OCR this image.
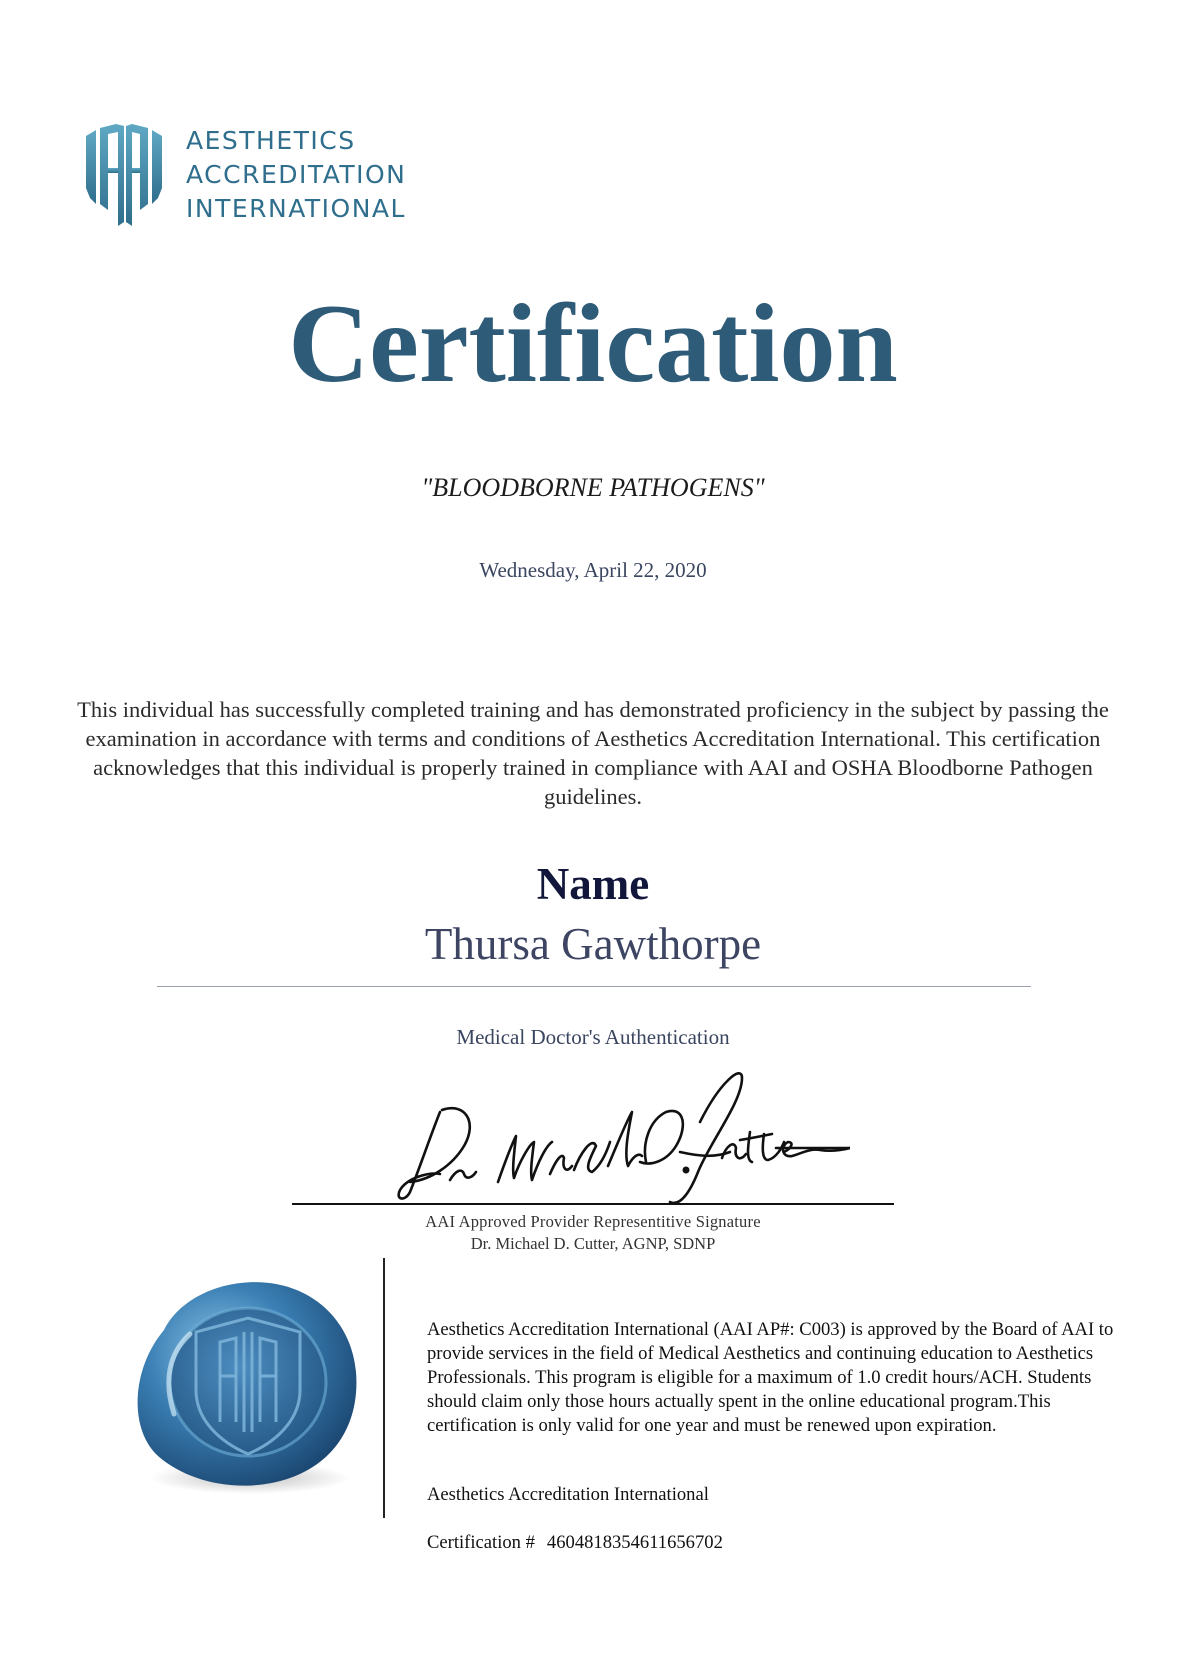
AESTHETICS
ACCREDITATION
INTERNATIONAL
Certification
"BLOODBORNE PATHOGENS"
Wednesday, April 22, 2020
This individual has successfully completed training and has demonstrated proficiency in the subject by passing the examination in accordance with terms and conditions of Aesthetics Accreditation International. This certification acknowledges that this individual is properly trained in compliance with AAI and OSHA Bloodborne Pathogen guidelines.
Name
Thursa Gawthorpe
Medical Doctor's Authentication
AAI Approved Provider Representitive Signature
Dr. Michael D. Cutter, AGNP, SDNP
Aesthetics Accreditation International (AAI AP#: C003) is approved by the Board of AAI to provide services in the field of Medical Aesthetics and continuing education to Aesthetics Professionals. This program is eligible for a maximum of 1.0 credit hours/ACH. Students should claim only those hours actually spent in the online educational program.This certification is only valid for one year and must be renewed upon expiration.
Aesthetics Accreditation International
Certification # 4604818354611656702
